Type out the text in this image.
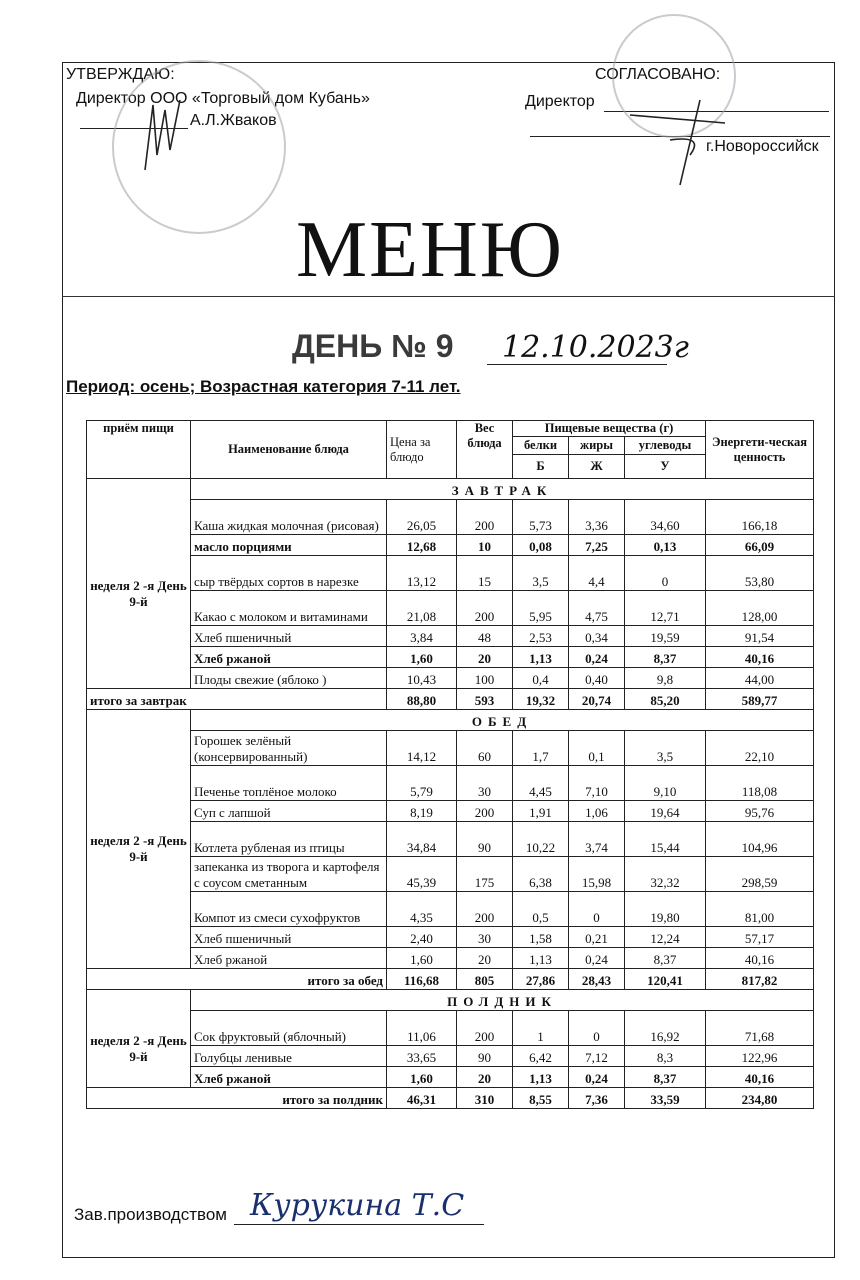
УТВЕРЖДАЮ:
Директор ООО «Торговый дом Кубань»
А.Л.Жваков
СОГЛАСОВАНО:
Директор
г.Новороссийск
МЕНЮ
ДЕНЬ № 9 12.10.2023г
Период: осень; Возрастная категория 7-11 лет.
приём пищи	Наименование блюда	Цена за блюдо	Вес блюда	Пищевые вещества (г)			Энергети-ческая ценность
				белки	жиры	углеводы	
				Б	Ж	У	
	ЗАВТРАК						
неделя 2 -я День 9-й	Каша жидкая молочная (рисовая)	26,05	200	5,73	3,36	34,60	166,18
	масло порциями	12,68	10	0,08	7,25	0,13	66,09
	сыр твёрдых сортов в нарезке	13,12	15	3,5	4,4	0	53,80
	Какао с молоком и витаминами	21,08	200	5,95	4,75	12,71	128,00
	Хлеб пшеничный	3,84	48	2,53	0,34	19,59	91,54
	Хлеб ржаной	1,60	20	1,13	0,24	8,37	40,16
	Плоды свежие (яблоко )	10,43	100	0,4	0,40	9,8	44,00
итого за завтрак		88,80	593	19,32	20,74	85,20	589,77
	ОБЕД						
неделя 2 -я День 9-й	Горошек зелёный (консервированный)	14,12	60	1,7	0,1	3,5	22,10
	Печенье топлёное молоко	5,79	30	4,45	7,10	9,10	118,08
	Суп с лапшой	8,19	200	1,91	1,06	19,64	95,76
	Котлета рубленая из птицы	34,84	90	10,22	3,74	15,44	104,96
	запеканка из творога и картофеля с соусом сметанным	45,39	175	6,38	15,98	32,32	298,59
	Компот из смеси сухофруктов	4,35	200	0,5	0	19,80	81,00
	Хлеб пшеничный	2,40	30	1,58	0,21	12,24	57,17
	Хлеб ржаной	1,60	20	1,13	0,24	8,37	40,16
итого за обед		116,68	805	27,86	28,43	120,41	817,82
	ПОЛДНИК						
неделя 2 -я День 9-й	Сок фруктовый (яблочный)	11,06	200	1	0	16,92	71,68
	Голубцы ленивые	33,65	90	6,42	7,12	8,3	122,96
	Хлеб ржаной	1,60	20	1,13	0,24	8,37	40,16
итого за полдник		46,31	310	8,55	7,36	33,59	234,80
Зав.производством Курукина Т.С
